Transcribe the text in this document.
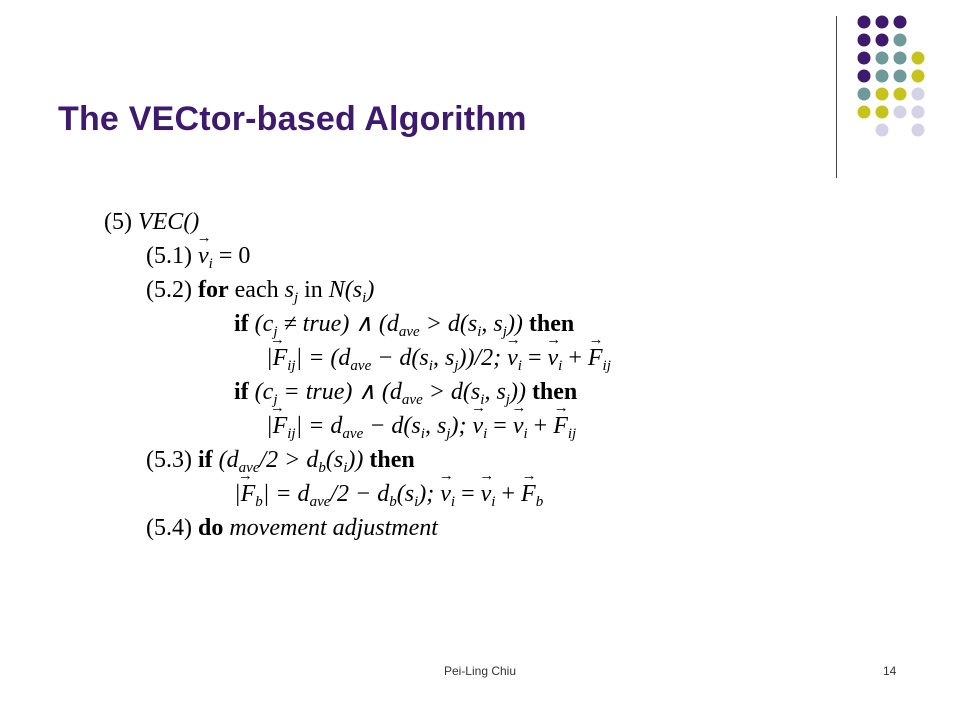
The VECtor-based Algorithm
(5) VEC()
$(5.1) \to v_i = 0$
(5.2) for each $s_j$ in $N(s_i)$
if ($c_j$ ≠ true) ∧ ($d_{ave} > d(s_i$, $s_j$)) then
→ $|F_{ij}| = (d_{ave} - d(s_i$, $s_j))/2$; → $v_i$ = → $v_i$ + → $F_{ij}$
if ($c_j$ = true) ∧ ($d_{ave} > d(s_i$, $s_j$)) then
→ $|F_{ij}| = d_{ave} - d(s_i$, $s_j$); → $v_i$ = → $v_i$ + → $F_{ij}$
(5.3) if $(d_{ave}/2 > d_b(s_i))$ then
→ $|F_b| = d_{ave}/2 - d_b(s_i)$; → $v_i$ = → $v_i$ + → $F_b$
(5.4) do movement adjustment
Pei-Ling Chiu	14
